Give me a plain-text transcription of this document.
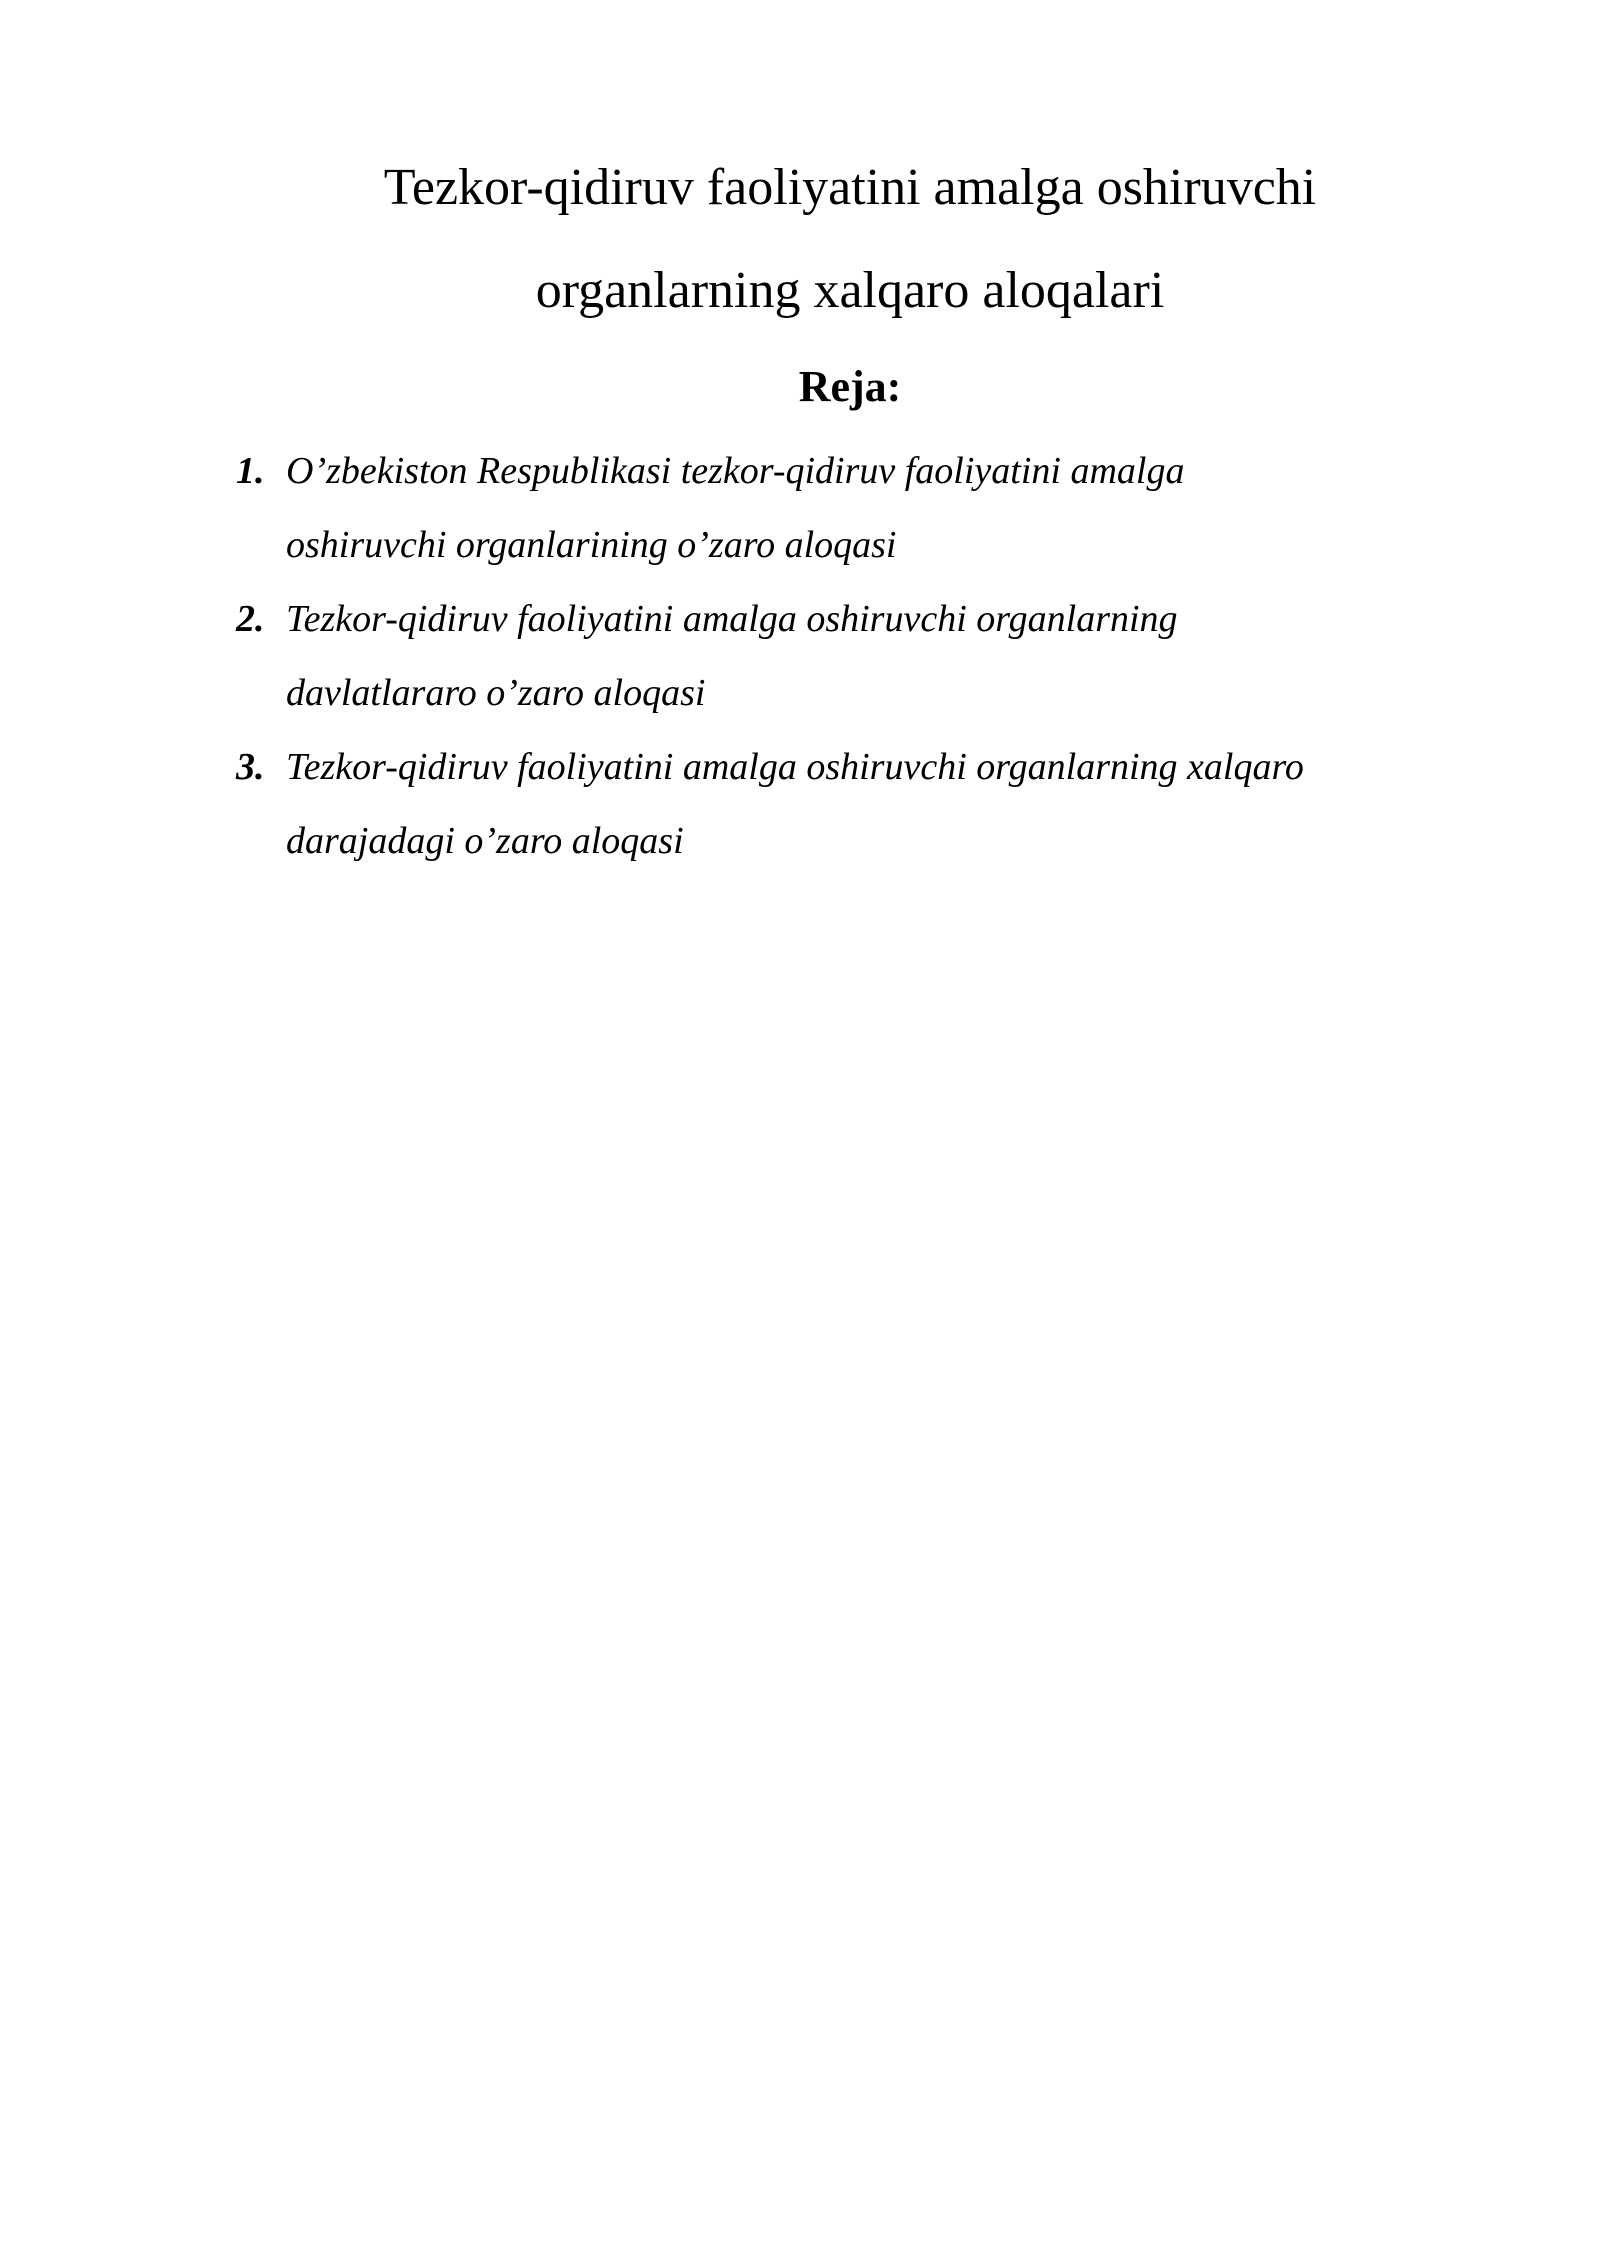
Tezkor-qidiruv faoliyatini amalga oshiruvchi
organlarning xalqaro aloqalari
Reja:
1. O’zbekiston Respublikasi tezkor-qidiruv faoliyatini amalga
oshiruvchi organlarining o’zaro aloqasi
2. Tezkor-qidiruv faoliyatini amalga oshiruvchi organlarning
davlatlararo o’zaro aloqasi
3. Tezkor-qidiruv faoliyatini amalga oshiruvchi organlarning xalqaro
darajadagi o’zaro aloqasi
